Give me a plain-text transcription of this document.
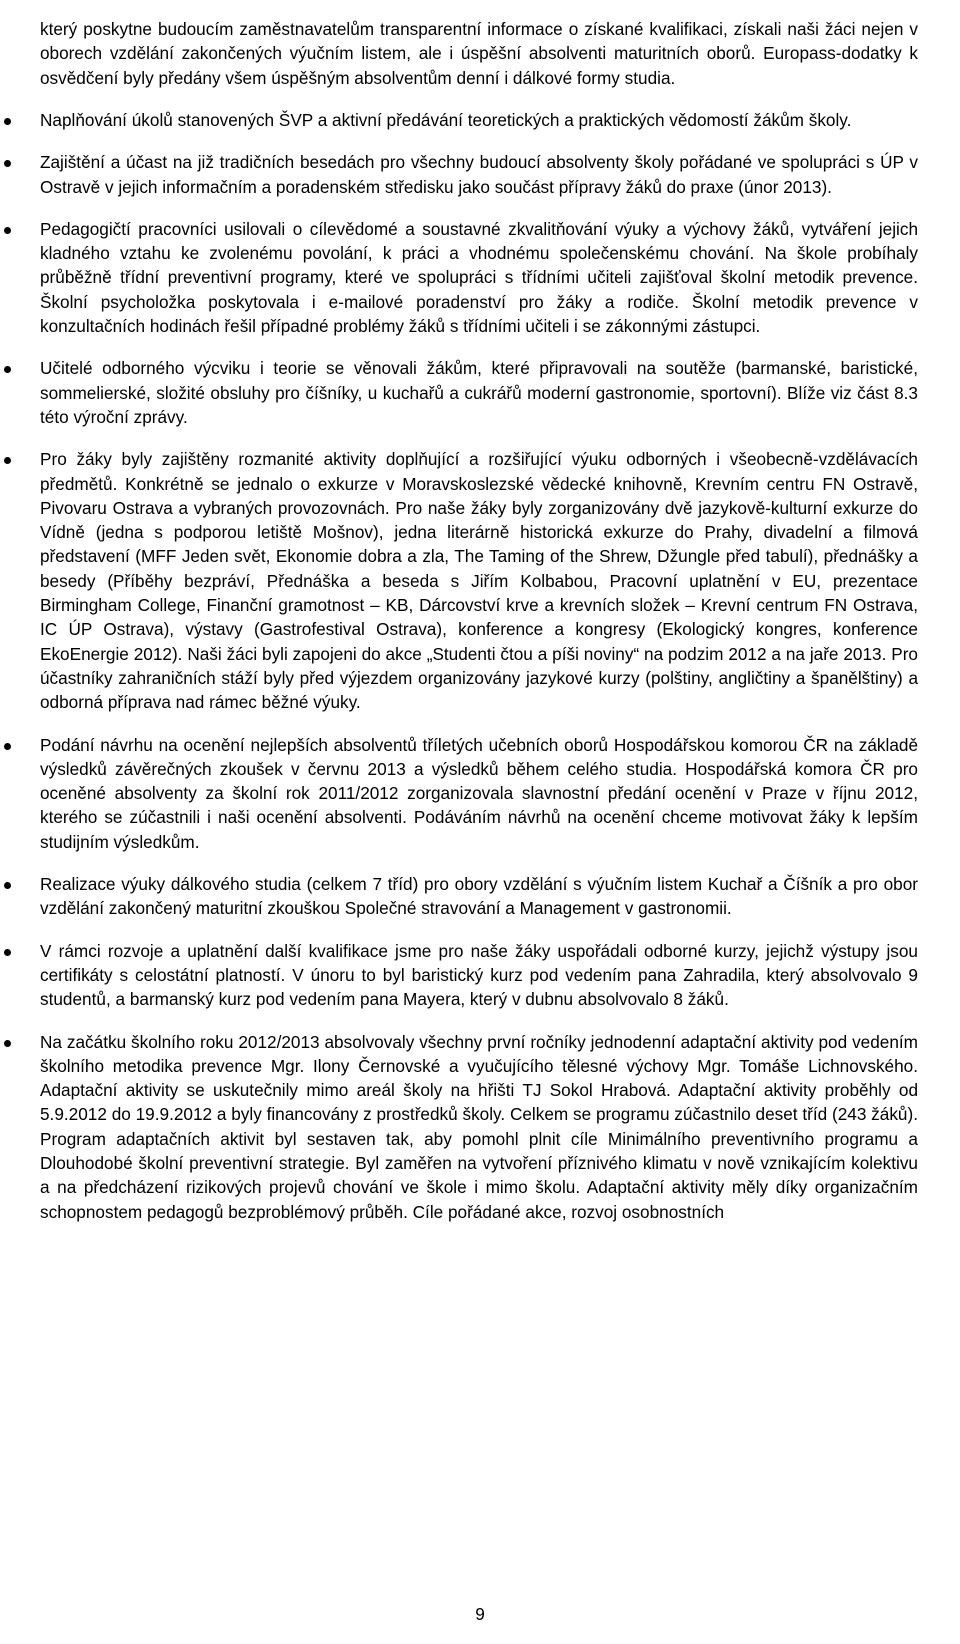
který poskytne budoucím zaměstnavatelům transparentní informace o získané kvalifikaci, získali naši žáci nejen v oborech vzdělání zakončených výučním listem, ale i úspěšní absolventi maturitních oborů. Europass-dodatky k osvědčení byly předány všem úspěšným absolventům denní i dálkové formy studia.

Naplňování úkolů stanovených ŠVP a aktivní předávání teoretických a praktických vědomostí žákům školy.
Zajištění a účast na již tradičních besedách pro všechny budoucí absolventy školy pořádané ve spolupráci s ÚP v Ostravě v jejich informačním a poradenském středisku jako součást přípravy žáků do praxe (únor 2013).
Pedagogičtí pracovníci usilovali o cílevědomé a soustavné zkvalitňování výuky a výchovy žáků, vytváření jejich kladného vztahu ke zvolenému povolání, k práci a vhodnému společenskému chování. Na škole probíhaly průběžně třídní preventivní programy, které ve spolupráci s třídními učiteli zajišťoval školní metodik prevence. Školní psycholožka poskytovala i e-mailové poradenství pro žáky a rodiče. Školní metodik prevence v konzultačních hodinách řešil případné problémy žáků s třídními učiteli i se zákonnými zástupci.
Učitelé odborného výcviku i teorie se věnovali žákům, které připravovali na soutěže (barmanské, baristické, sommelierské, složité obsluhy pro číšníky, u kuchařů a cukrářů moderní gastronomie, sportovní). Blíže viz část 8.3 této výroční zprávy.
Pro žáky byly zajištěny rozmanité aktivity doplňující a rozšiřující výuku odborných i všeobecně-vzdělávacích předmětů. Konkrétně se jednalo o exkurze v Moravskoslezské vědecké knihovně, Krevním centru FN Ostravě, Pivovaru Ostrava a vybraných provozovnách. Pro naše žáky byly zorganizovány dvě jazykově-kulturní exkurze do Vídně (jedna s podporou letiště Mošnov), jedna literárně historická exkurze do Prahy, divadelní a filmová představení (MFF Jeden svět, Ekonomie dobra a zla, The Taming of the Shrew, Džungle před tabulí), přednášky a besedy (Příběhy bezpráví, Přednáška a beseda s Jiřím Kolbabou, Pracovní uplatnění v EU, prezentace Birmingham College, Finanční gramotnost – KB, Dárcovství krve a krevních složek – Krevní centrum FN Ostrava, IC ÚP Ostrava), výstavy (Gastrofestival Ostrava), konference a kongresy (Ekologický kongres, konference EkoEnergie 2012). Naši žáci byli zapojeni do akce „Studenti čtou a píši noviny“ na podzim 2012 a na jaře 2013. Pro účastníky zahraničních stáží byly před výjezdem organizovány jazykové kurzy (polštiny, angličtiny a španělštiny) a odborná příprava nad rámec běžné výuky.
Podání návrhu na ocenění nejlepších absolventů tříletých učebních oborů Hospodářskou komorou ČR na základě výsledků závěrečných zkoušek v červnu 2013 a výsledků během celého studia. Hospodářská komora ČR pro oceněné absolventy za školní rok 2011/2012 zorganizovala slavnostní předání ocenění v Praze v říjnu 2012, kterého se zúčastnili i naši ocenění absolventi. Podáváním návrhů na ocenění chceme motivovat žáky k lepším studijním výsledkům.
Realizace výuky dálkového studia (celkem 7 tříd) pro obory vzdělání s výučním listem Kuchař a Číšník a pro obor vzdělání zakončený maturitní zkouškou Společné stravování a Management v gastronomii.
V rámci rozvoje a uplatnění další kvalifikace jsme pro naše žáky uspořádali odborné kurzy, jejichž výstupy jsou certifikáty s celostátní platností. V únoru to byl baristický kurz pod vedením pana Zahradila, který absolvovalo 9 studentů, a barmanský kurz pod vedením pana Mayera, který v dubnu absolvovalo 8 žáků.
Na začátku školního roku 2012/2013 absolvovaly všechny první ročníky jednodenní adaptační aktivity pod vedením školního metodika prevence Mgr. Ilony Černovské a vyučujícího tělesné výchovy Mgr. Tomáše Lichnovského. Adaptační aktivity se uskutečnily mimo areál školy na hřišti TJ Sokol Hrabová. Adaptační aktivity proběhly od 5.9.2012 do 19.9.2012 a byly financovány z prostředků školy. Celkem se programu zúčastnilo deset tříd (243 žáků). Program adaptačních aktivit byl sestaven tak, aby pomohl plnit cíle Minimálního preventivního programu a Dlouhodobé školní preventivní strategie. Byl zaměřen na vytvoření příznivého klimatu v nově vznikajícím kolektivu a na předcházení rizikových projevů chování ve škole i mimo školu. Adaptační aktivity měly díky organizačním schopnostem pedagogů bezproblémový průběh. Cíle pořádané akce, rozvoj osobnostních
9
